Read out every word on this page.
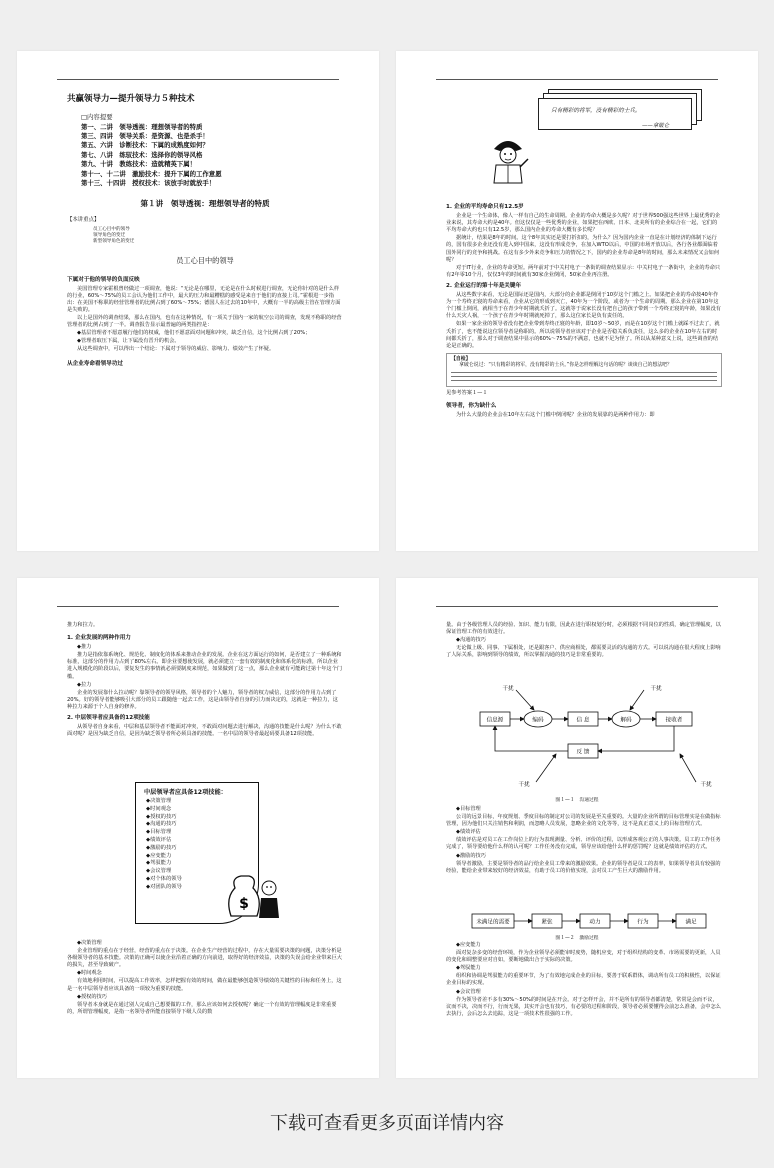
共赢领导力—提升领导力５种技术
□内容提要
第一、二讲　领导透视：理想领导者的特质
第三、四讲　领导关系：是资源、也是杀手！
第五、六讲　诊断技术：下属的成熟度如何？
第七、八讲　练驭技术：选择你的领导风格
第九、十讲　教练技术：造就精英下属！
第十一、十二讲　激励技术：提升下属的工作意愿
第十三、十四讲　授权技术：该放手时就放手！
第１讲　领导透视：理想领导者的特质
【本讲重点】
员工心目中的领导
领导角色的变迁
新型领导角色的变迁
员工心目中的领导
下属对于他的领导的负面反映

美国管理专家霍根曾经做过一项调查，他说：“无论是在哪里，无论是在什么时候进行调查，无论你针对的是什么样的行业，60%～75%的员工会认为他们工作中，最大的压力和最糟糕的感受是来自于他们的直接上司。”霍根进一步指出：在美国不称职的经营管理者的比例占到了60%～75%；德国人在过去的10年中，大概有一半的高级主管在管理方面是失败的。

以上是国外的调查结果，那么在国内，也有在这种情况，有一项关于国内一家的航空公司的调查，发现不称职的经营管理者的比例占到了一半。调查报告显示最普遍的两类指控是：

◆基层管理者不愿意履行他们的权威，他们不愿意面对问题和冲突，缺乏自信，这个比例占到了20%；

◆管理者取压下属，让下属没有晋升的机会。

从这些调查中，可以得出一个结论：下属对于领导的威信、影响力、绩效产生了怀疑。

从企业寿命看领导功过
只有精彩的将军，没有精彩的士兵。
——拿破仑
1. 企业的平均寿命只有12.5岁

企业是一个生命体，像人一样有自己的生命周期。企业的寿命大概是多久呢？对于世界500强这些世界上最优秀的企业来说，其寿命大约是40年。但这仅仅是一些优秀的企业，如果把在西欧、日本、北美所有的企业综合在一起，它们的平均寿命大约也只有12.5岁，那么国内企业的寿命大概有多长呢？

据统计，结果是8年的时间。这个8年其实还是要打折扣的，为什么？因为国内企业一直是在计划经济的体制下运行的，国有很多企业还没有进入到中国来，这没有形成竞争，在加入WTO以后，中国的市场开放以后，各行各业都面临着国外同行的竞争和挑战。在这有多少外来竞争和压力的情况之下，国内的企业寿命是8年的时间，那么未来情况又会如何呢？

对于IT行业，企业的寿命更短。两年前对于中关村电子一条街的调查结果显示：中关村电子一条街中，企业的寿命只有2年零10个月，仅仅3年的时间就有30家企业倒闭，50家企业再注册。

2. 企业运行的第十年是关键年

从这些数字来看，无论是国际还是国内，大部分的企业都是倒闭于10岁这个门槛之上。如果把企业的寿命按40年作为一个寿终正寝的寿命来看，企业从它的形成到灭亡，40年为一个阶段。或者为一个生命的周期。那么企业在第10年这个门槛上倒闭，就相当于在青少年时期就夭折了。这就等于说家长没有把自己的孩子带到一个寿终正寝的年龄，如果没有什么天灾人祸，一个孩子在青少年时期就死掉了，那么这位家长是负有责任的。

如果一家企业的领导者没有把企业带到寿终正寝的年龄，即10岁～50岁，而是在10岁这个门槛上就踩不过去了，就夭折了，也不能说这位领导者是称职的。所以说领导者应该对于企业是否稳关系负责任，这么多的企业在10年左右的时间都夭折了，那么对于调查结果中显示的60%～75%的不满意，也就不足为怪了。所以从某种意义上说，这些调查的结论是正确的。

【自检】
拿破仑说过：“只有精彩的将军，没有精彩的士兵。”你是怎样理解这句话的呢？谈谈自己的想法吧？
见参考答案１—１
领导者，你为缺什么

为什么大量的企业会在10年左右这个门槛中倒闭呢？企业的发展靠的是两种作用力：即

推力和拉力。
1. 企业发展的两种作用力

◆推力

推力是指依靠系统化、规范化、制度化的体系来推动企业的发展。企业在这方面运行的如何，是否建立了一种系统和标准，这部分的作用力占到了80%左右。即企业要想使发展，就必须建立一套有效的制度化和体系化的标准，所以企业进入规模化的阶段以后，要复发生的事情就必须要制度来规范，如果做到了这一点，那么企业就有可能跨过第十年这个门槛。

◆拉力

企业的发展靠什么拉动呢？靠领导者的领导风格，领导者的个人魅力，领导者的权力威信，这部分的作用力占到了20%。好的领导者能够吸引大部分的员工跟随他一起去工作，这是由领导者自身的引力而决定的，这就是一种拉力，这种拉力来源于个人自身的修养。

2. 中层领导者应具备的12项技能

从领导者自身来看，中层和基层领导者不能面对冲突，不敢面对问题去进行解决，沟通的技能是什么呢？为什么不敢面对呢？是因为缺乏自信，是因为缺乏领导者所必须具备的技能。一名中层的领导者最起码要具备12项技能。

中层领导者应具备12项技能：
◆决策管理
◆时间观念
◆授权的技巧
◆沟通的技巧
◆目标管理
◆绩效评估
◆激励的技巧
◆应变能力
◆驾驭能力
◆会议管理
◆对个体的领导
◆对团队的领导
$

◆决策管理

企业管理的重点在于经营，经营的重点在于决策。在企业生产经营的过程中，存在大量需要决策的问题，决策分析是各级领导者的基本技能。决策的正确可以使企业沿着正确的方向前进，取得好的经济效益，决策的失误会给企业带来巨大的损失，甚至导致破产。

◆时间观念

有效地利用时间，可以提高工作效率，怎样把握有效的时间，做在最能够创造领导绩效的关键性的目标和任务上，这是一名中层领导者应该具备的一项较为重要的技能。

◆授权的技巧

领导者本身就是在通过别人完成自己想要做的工作，那么应该如何去授权呢？确定一个有效的管理幅度是非常重要的，所谓管理幅度，是指一名领导者所能直接领导下级人员的数

量。由于各级管理人员的经验、知识、能力有限，因此在进行职权划分时，必须根据不同岗位的性质，确定管理幅度，以保证管理工作的有效进行。

◆沟通的技巧

无论做上级、同事、下属相处，还是跟客户、供应商相处，都需要灵活的沟通的方式。可以说沟通在很大程度上影响了人际关系，影响到领导的绩效，所以掌握沟通的技巧是非常重要的。

信息源	编码	信 息	解码	接收者
反 馈
干扰	干扰
干扰	干扰
图１—１　沟通过程

◆目标管理

公司的远景目标，年度规划、季度目标的制定对公司的发展是至关重要的。大量的企业所谓的目标管理实是在做指标管理，因为他们只关注销售和利润，而忽略人员发展，忽略企业的文化等等，这不是真正意义上的目标管理方式。

◆绩效评估

绩效评估是对员工在工作岗位上的行为表现测量、分析、评价的过程，以形成客观公正的人事决策。员工的工作任务完成了，领导要给他什么样的认可呢？工作任务没有完成，领导应该给他什么样的惩罚呢？这就是绩效评估的方式。

◆激励的技巧

领导者激励，主要是领导者的品行给企业员工带来的激励效果。企业的领导者是员工的表率，如果领导者具有较强的经验，能给企业带来较好的经济效益，有助于员工的价值实现，会对员工产生巨大的激励作用。

未满足的需要	紧张	动力	行为	满足
图１—２　激励过程

◆应变能力

面对复杂多变的经营环境，作为企业领导必须能审时度势，随机应变，对于组织结构的变革、市场需要的更新，人员的变化和调整要应对自如，要断地做出合于实际的决策。

◆驾驭能力

组织和协调是驾驭能力的重要环节，为了有效地完成企业的目标，要善于联系群体，调动所有员工的积极性，以保证企业目标的实现。

◆会议管理

作为领导者差不多有30%～50%的时间是在开会。对于怎样开会，并不是所有的领导者都清楚，常常是会而不议，议而不决，决而不行，行而无果，其实开会也有技巧，有必要的过程和阶段，领导者必须要懂得会前怎么准备，会中怎么去执行，会后怎么去追踪，这是一项技术性很强的工作。

下载可查看更多页面详情内容
